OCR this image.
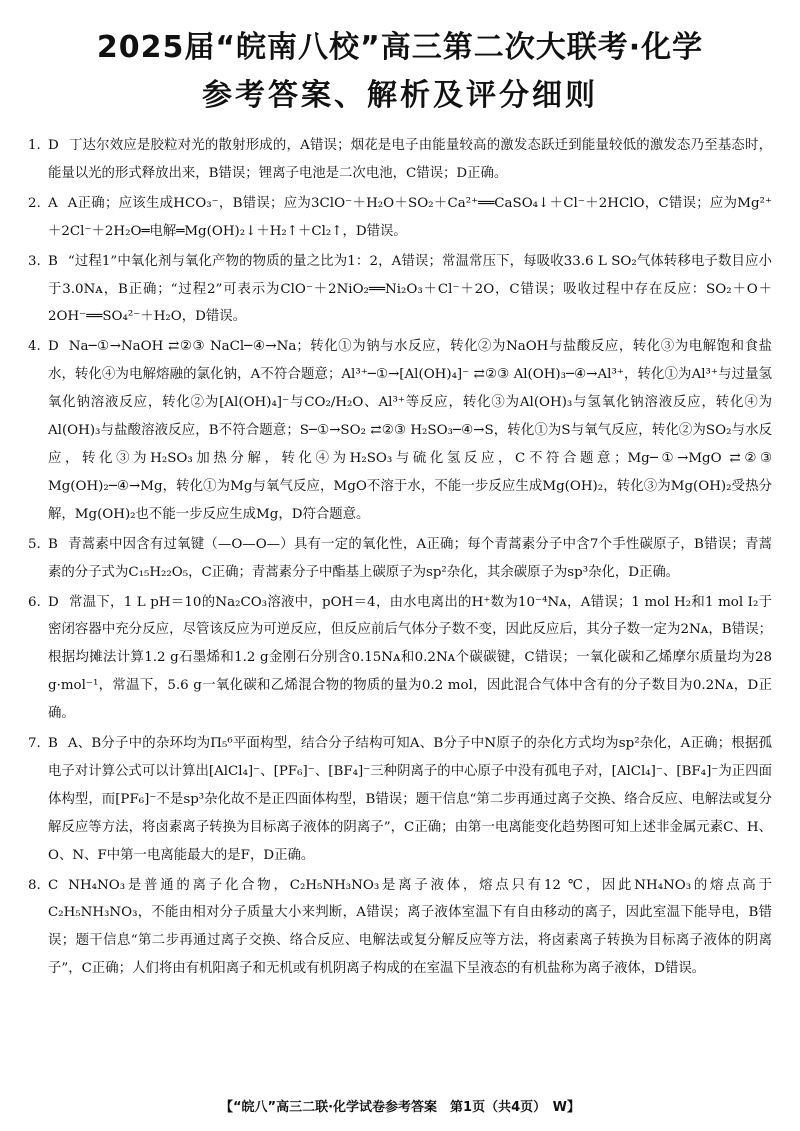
2025届“皖南八校”高三第二次大联考·化学
参考答案、解析及评分细则
1. D 丁达尔效应是胶粒对光的散射形成的，A错误；烟花是电子由能量较高的激发态跃迁到能量较低的激发态乃至基态时，能量以光的形式释放出来，B错误；锂离子电池是二次电池，C错误；D正确。
2. A A正确；应该生成HCO₃⁻，B错误；应为3ClO⁻＋H₂O＋SO₂＋Ca²⁺══CaSO₄↓＋Cl⁻＋2HClO，C错误；应为Mg²⁺＋2Cl⁻＋2H₂O═电解═Mg(OH)₂↓＋H₂↑＋Cl₂↑，D错误。
3. B “过程1”中氧化剂与氧化产物的物质的量之比为1：2，A错误；常温常压下，每吸收33.6 L SO₂气体转移电子数目应小于3.0Nᴀ，B正确；“过程2”可表示为ClO⁻＋2NiO₂══Ni₂O₃＋Cl⁻＋2O，C错误；吸收过程中存在反应：SO₂＋O＋2OH⁻══SO₄²⁻＋H₂O，D错误。
4. D Na─①→NaOH ⇄②③ NaCl─④→Na；转化①为钠与水反应，转化②为NaOH与盐酸反应，转化③为电解饱和食盐水，转化④为电解熔融的氯化钠，A不符合题意；Al³⁺─①→[Al(OH)₄]⁻ ⇄②③ Al(OH)₃─④→Al³⁺，转化①为Al³⁺与过量氢氧化钠溶液反应，转化②为[Al(OH)₄]⁻与CO₂/H₂O、Al³⁺等反应，转化③为Al(OH)₃与氢氧化钠溶液反应，转化④为Al(OH)₃与盐酸溶液反应，B不符合题意；S─①→SO₂ ⇄②③ H₂SO₃─④→S，转化①为S与氧气反应，转化②为SO₂与水反应，转化③为H₂SO₃加热分解，转化④为H₂SO₃与硫化氢反应，C不符合题意；Mg─①→MgO ⇄②③ Mg(OH)₂─④→Mg，转化①为Mg与氧气反应，MgO不溶于水，不能一步反应生成Mg(OH)₂，转化③为Mg(OH)₂受热分解，Mg(OH)₂也不能一步反应生成Mg，D符合题意。
5. B 青蒿素中因含有过氧键（—O—O—）具有一定的氧化性，A正确；每个青蒿素分子中含7个手性碳原子，B错误；青蒿素的分子式为C₁₅H₂₂O₅，C正确；青蒿素分子中酯基上碳原子为sp²杂化，其余碳原子为sp³杂化，D正确。
6. D 常温下，1 L pH＝10的Na₂CO₃溶液中，pOH＝4，由水电离出的H⁺数为10⁻⁴Nᴀ，A错误；1 mol H₂和1 mol I₂于密闭容器中充分反应，尽管该反应为可逆反应，但反应前后气体分子数不变，因此反应后，其分子数一定为2Nᴀ，B错误；根据均摊法计算1.2 g石墨烯和1.2 g金刚石分别含0.15Nᴀ和0.2Nᴀ个碳碳键，C错误；一氧化碳和乙烯摩尔质量均为28 g·mol⁻¹，常温下，5.6 g一氧化碳和乙烯混合物的物质的量为0.2 mol，因此混合气体中含有的分子数目为0.2Nᴀ，D正确。
7. B A、B分子中的杂环均为Π₅⁶平面构型，结合分子结构可知A、B分子中N原子的杂化方式均为sp²杂化，A正确；根据孤电子对计算公式可以计算出[AlCl₄]⁻、[PF₆]⁻、[BF₄]⁻三种阴离子的中心原子中没有孤电子对，[AlCl₄]⁻、[BF₄]⁻为正四面体构型，而[PF₆]⁻不是sp³杂化故不是正四面体构型，B错误；题干信息“第二步再通过离子交换、络合反应、电解法或复分解反应等方法，将卤素离子转换为目标离子液体的阴离子”，C正确；由第一电离能变化趋势图可知上述非金属元素C、H、O、N、F中第一电离能最大的是F，D正确。
8. C NH₄NO₃是普通的离子化合物，C₂H₅NH₃NO₃是离子液体，熔点只有12 ℃，因此NH₄NO₃的熔点高于C₂H₅NH₃NO₃，不能由相对分子质量大小来判断，A错误；离子液体室温下有自由移动的离子，因此室温下能导电，B错误；题干信息“第二步再通过离子交换、络合反应、电解法或复分解反应等方法，将卤素离子转换为目标离子液体的阴离子”，C正确；人们将由有机阳离子和无机或有机阴离子构成的在室温下呈液态的有机盐称为离子液体，D错误。
【“皖八”高三二联·化学试卷参考答案　第1页（共4页）　W】
